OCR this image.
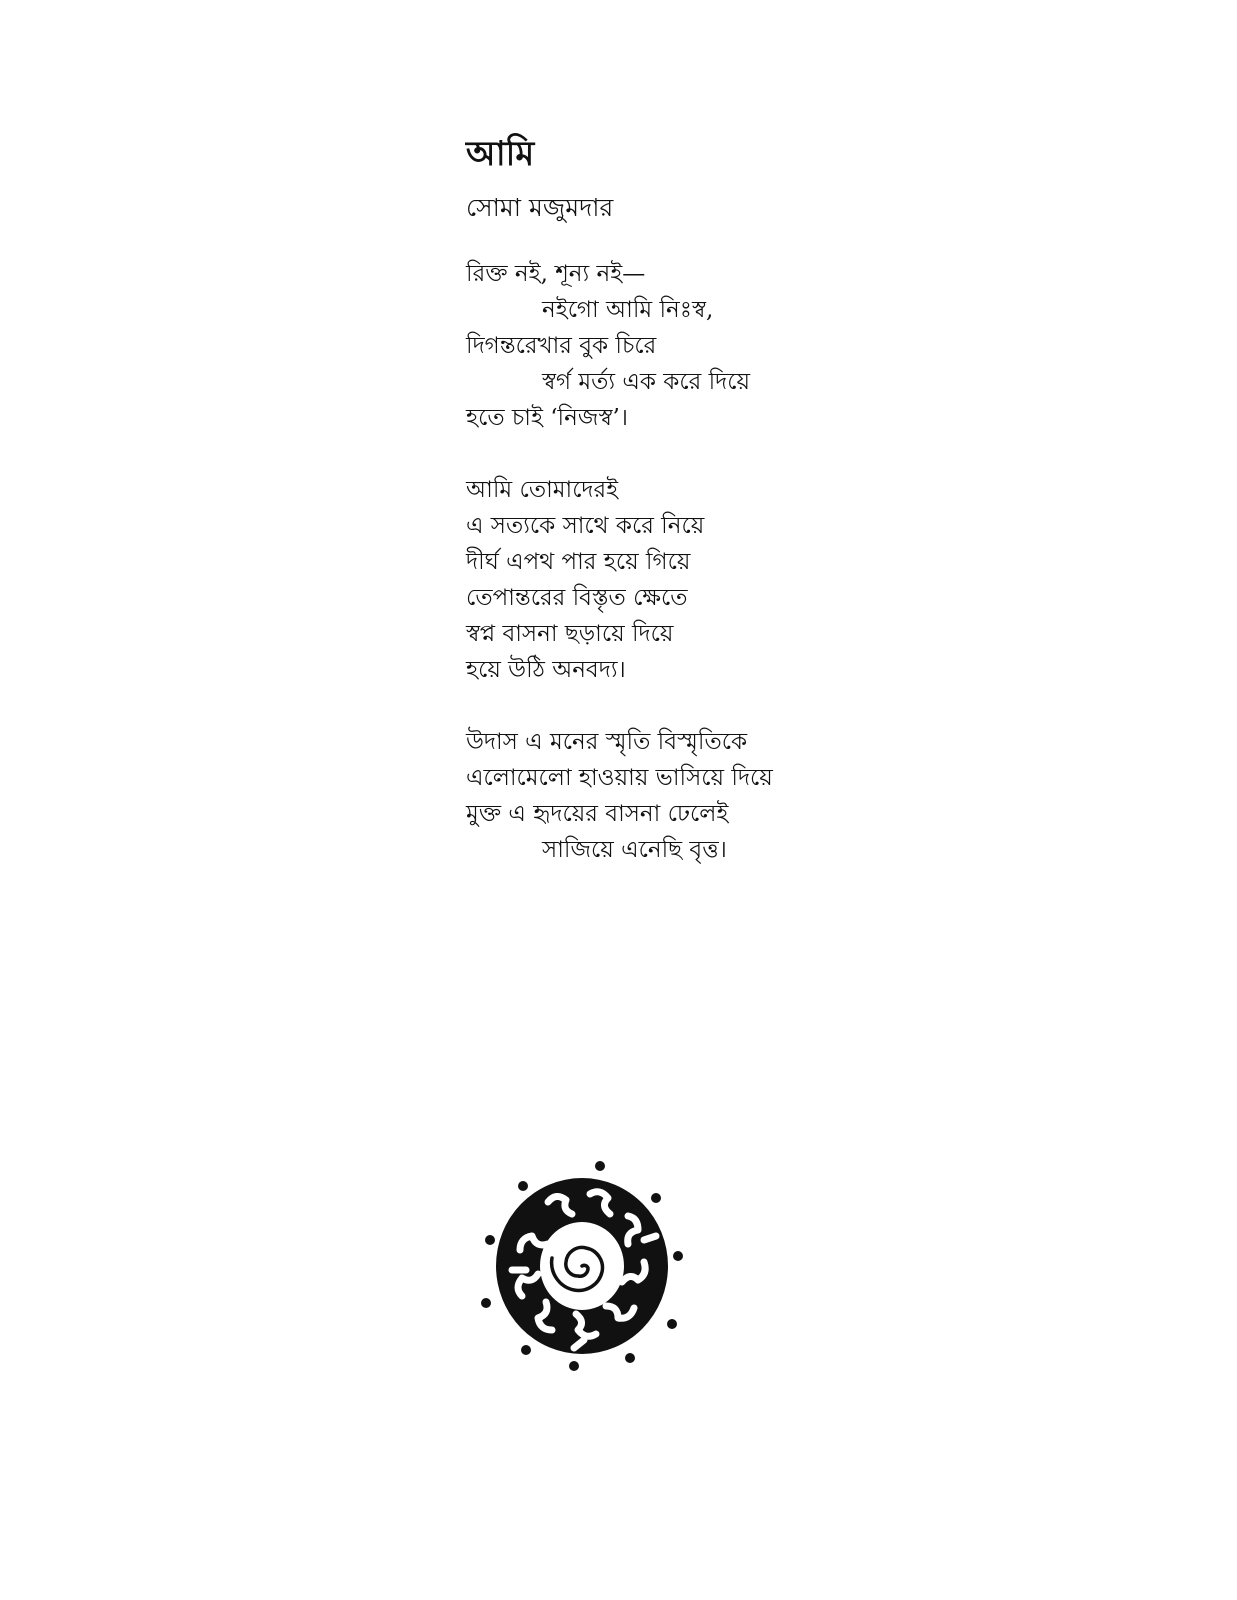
আমি
সোমা মজুমদার
রিক্ত নই, শূন্য নই—
নইগো আমি নিঃস্ব,
দিগন্তরেখার বুক চিরে
স্বর্গ মর্ত্য এক করে দিয়ে
হতে চাই ‘নিজস্ব’।
আমি তোমাদেরই
এ সত্যকে সাথে করে নিয়ে
দীর্ঘ এপথ পার হয়ে গিয়ে
তেপান্তরের বিস্তৃত ক্ষেতে
স্বপ্ন বাসনা ছড়ায়ে দিয়ে
হয়ে উঠি অনবদ্য।
উদাস এ মনের স্মৃতি বিস্মৃতিকে
এলোমেলো হাওয়ায় ভাসিয়ে দিয়ে
মুক্ত এ হৃদয়ের বাসনা ঢেলেই
সাজিয়ে এনেছি বৃত্ত।
